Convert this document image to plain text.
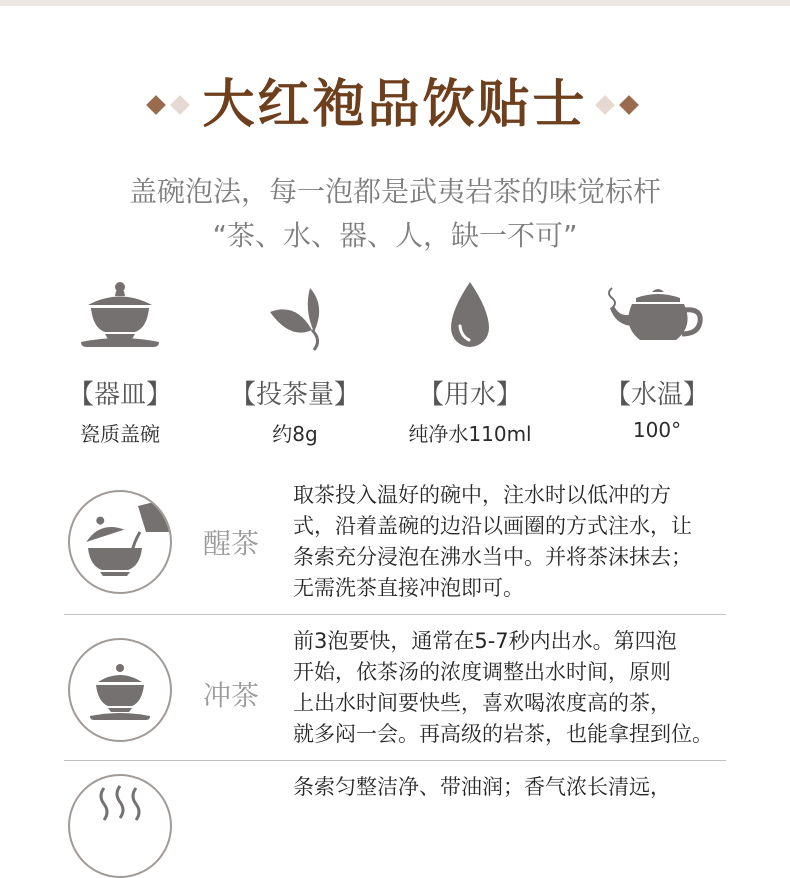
大红袍品饮贴士
盖碗泡法，每一泡都是武夷岩茶的味觉标杆
“茶、水、器、人，缺一不可”
【器皿】
瓷质盖碗
【投茶量】
约8g
【用水】
纯净水110ml
【水温】
100°
醒茶
取茶投入温好的碗中，注水时以低冲的方
式，沿着盖碗的边沿以画圈的方式注水，让
条索充分浸泡在沸水当中。并将茶沫抹去；
无需洗茶直接冲泡即可。
冲茶
前3泡要快，通常在5-7秒内出水。第四泡
开始，依茶汤的浓度调整出水时间，原则
上出水时间要快些，喜欢喝浓度高的茶，
就多闷一会。再高级的岩茶，也能拿捏到位。
条索匀整洁净、带油润；香气浓长清远，
